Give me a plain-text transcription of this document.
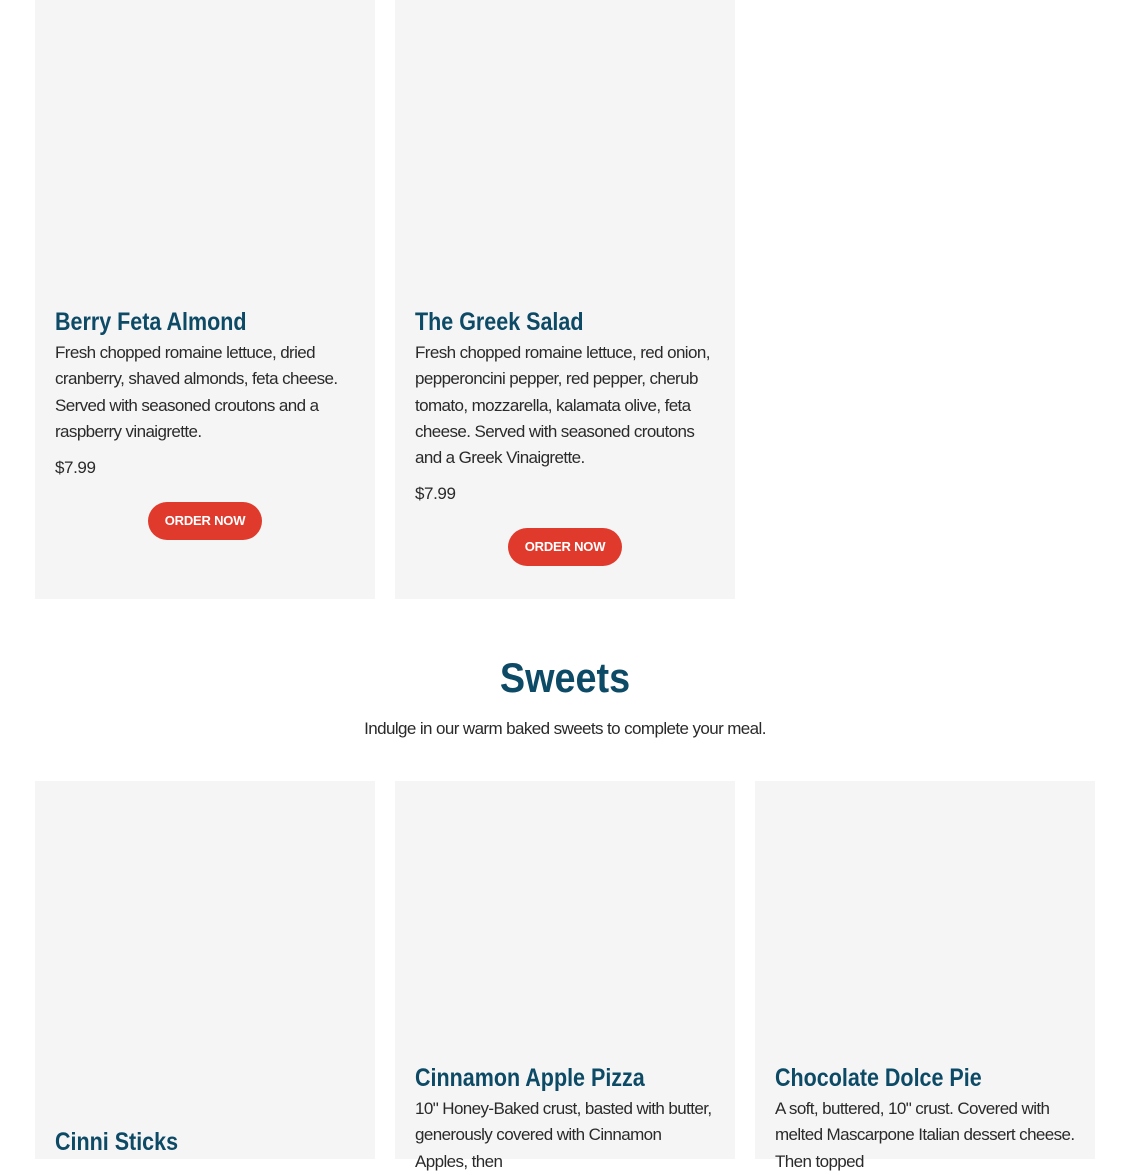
Berry Feta Almond
Fresh chopped romaine lettuce, dried cranberry, shaved almonds, feta cheese. Served with seasoned croutons and a raspberry vinaigrette.
$7.99
ORDER NOW
The Greek Salad
Fresh chopped romaine lettuce, red onion, pepperoncini pepper, red pepper, cherub tomato, mozzarella, kalamata olive, feta cheese. Served with seasoned croutons and a Greek Vinaigrette.
$7.99
ORDER NOW
Sweets
Indulge in our warm baked sweets to complete your meal.
Cinni Sticks
Cinnamon Apple Pizza
10" Honey-Baked crust, basted with butter, generously covered with Cinnamon Apples, then
Chocolate Dolce Pie
A soft, buttered, 10" crust. Covered with melted Mascarpone Italian dessert cheese. Then topped
